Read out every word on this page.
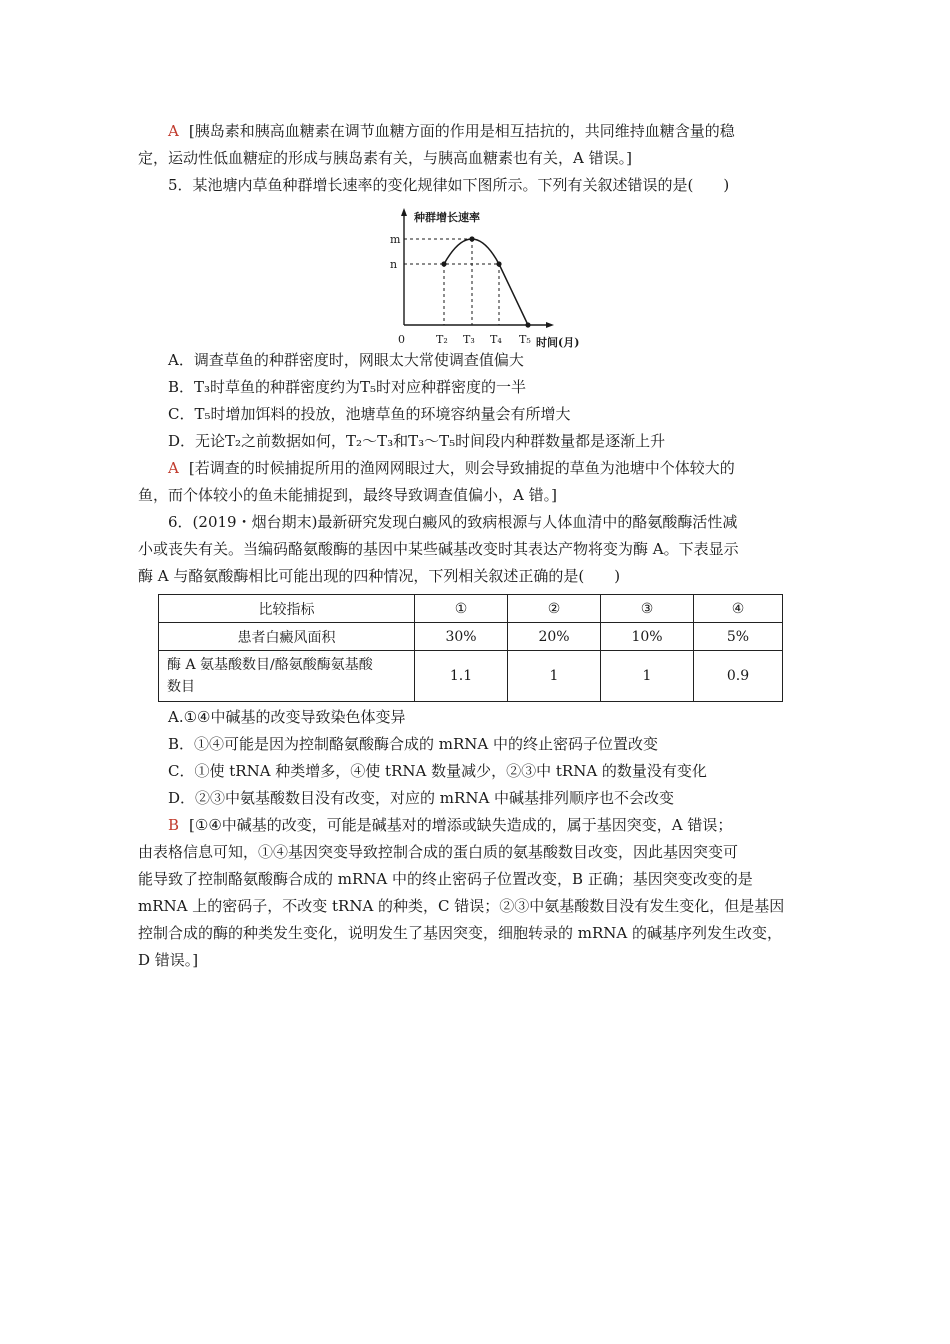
A [胰岛素和胰高血糖素在调节血糖方面的作用是相互拮抗的，共同维持血糖含量的稳

定，运动性低血糖症的形成与胰岛素有关，与胰高血糖素也有关，A 错误。]

5．某池塘内草鱼种群增长速率的变化规律如下图所示。下列有关叙述错误的是(　　)

种群增长速率
时间(月)
m
n
0	T₂ T₃ T₄ T₅

A．调查草鱼的种群密度时，网眼太大常使调查值偏大

B．T₃时草鱼的种群密度约为T₅时对应种群密度的一半

C．T₅时增加饵料的投放，池塘草鱼的环境容纳量会有所增大

D．无论T₂之前数据如何，T₂～T₃和T₃～T₅时间段内种群数量都是逐渐上升

A [若调查的时候捕捉所用的渔网网眼过大，则会导致捕捉的草鱼为池塘中个体较大的

鱼，而个体较小的鱼未能捕捉到，最终导致调查值偏小，A 错。]

6．(2019・烟台期末)最新研究发现白癜风的致病根源与人体血清中的酪氨酸酶活性减

小或丧失有关。当编码酪氨酸酶的基因中某些碱基改变时其表达产物将变为酶 A。下表显示

酶 A 与酪氨酸酶相比可能出现的四种情况，下列相关叙述正确的是(　　)

比较指标	①	②	③	④
患者白癜风面积	30%	20%	10%	5%
酶 A 氨基酸数目/酪氨酸酶氨基酸
数目	1.1	1	1	0.9

A.①④中碱基的改变导致染色体变异

B．①④可能是因为控制酪氨酸酶合成的 mRNA 中的终止密码子位置改变

C．①使 tRNA 种类增多，④使 tRNA 数量减少，②③中 tRNA 的数量没有变化

D．②③中氨基酸数目没有改变，对应的 mRNA 中碱基排列顺序也不会改变

B [①④中碱基的改变，可能是碱基对的增添或缺失造成的，属于基因突变，A 错误；

由表格信息可知，①④基因突变导致控制合成的蛋白质的氨基酸数目改变，因此基因突变可

能导致了控制酪氨酸酶合成的 mRNA 中的终止密码子位置改变，B 正确；基因突变改变的是

mRNA 上的密码子，不改变 tRNA 的种类，C 错误；②③中氨基酸数目没有发生变化，但是基因

控制合成的酶的种类发生变化，说明发生了基因突变，细胞转录的 mRNA 的碱基序列发生改变，

D 错误。]
